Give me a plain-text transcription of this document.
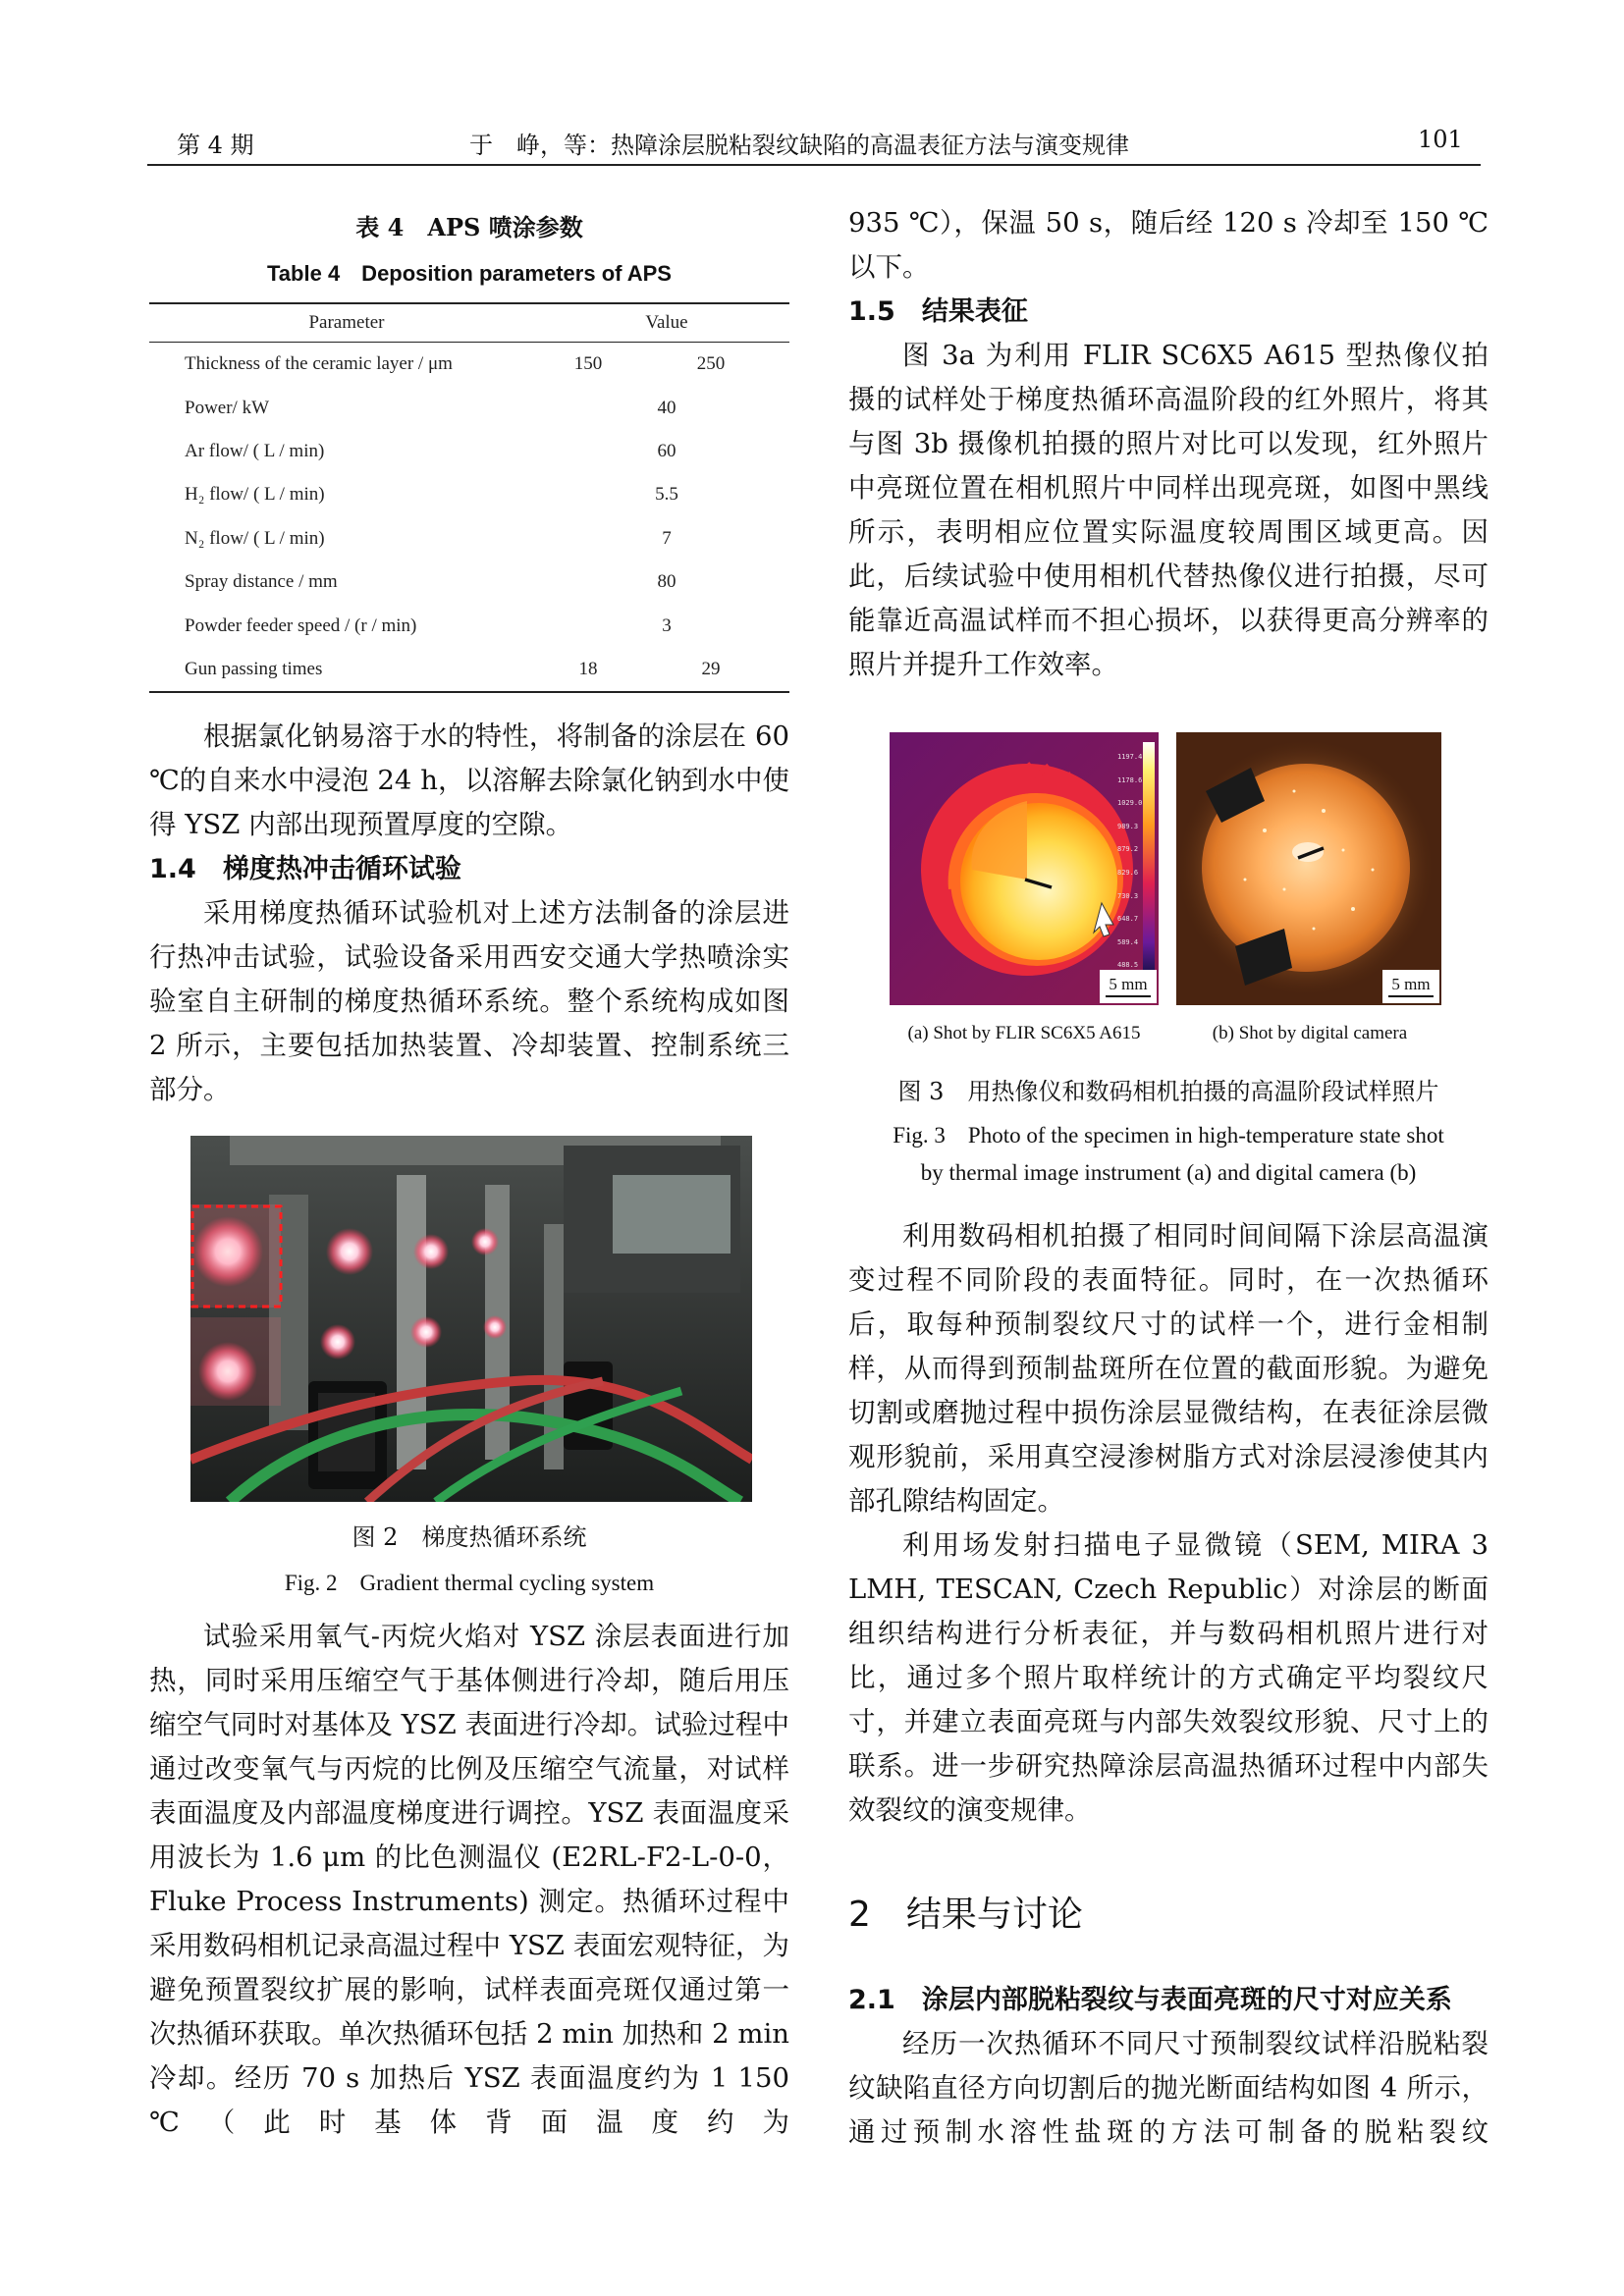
第 4 期	于　峥，等：热障涂层脱粘裂纹缺陷的高温表征方法与演变规律	101
表 4　APS 喷涂参数
Table 4　Deposition parameters of APS
Parameter	Value	
Thickness of the ceramic layer / μm	150	250
Power/ kW	40	
Ar flow/ ( L / min)	60	
H₂ flow/ ( L / min)	5.5	
N₂ flow/ ( L / min)	7	
Spray distance / mm	80	
Powder feeder speed / (r / min)	3	
Gun passing times	18	29

根据氯化钠易溶于水的特性，将制备的涂层在 60 ℃的自来水中浸泡 24 h，以溶解去除氯化钠到水中使得 YSZ 内部出现预置厚度的空隙。

1.4　梯度热冲击循环试验

采用梯度热循环试验机对上述方法制备的涂层进行热冲击试验，试验设备采用西安交通大学热喷涂实验室自主研制的梯度热循环系统。整个系统构成如图 2 所示，主要包括加热装置、冷却装置、控制系统三部分。

图 2　梯度热循环系统
Fig. 2　Gradient thermal cycling system

试验采用氧气-丙烷火焰对 YSZ 涂层表面进行加热，同时采用压缩空气于基体侧进行冷却，随后用压缩空气同时对基体及 YSZ 表面进行冷却。试验过程中通过改变氧气与丙烷的比例及压缩空气流量，对试样表面温度及内部温度梯度进行调控。YSZ 表面温度采用波长为 1.6 μm 的比色测温仪 (E2RL-F2-L-0-0，Fluke Process Instruments) 测定。热循环过程中采用数码相机记录高温过程中 YSZ 表面宏观特征，为避免预置裂纹扩展的影响，试样表面亮斑仅通过第一次热循环获取。单次热循环包括 2 min 加热和 2 min 冷却。经历 70 s 加热后 YSZ 表面温度约为 1 150 ℃（此时基体背面温度约为

935 ℃），保温 50 s，随后经 120 s 冷却至 150 ℃以下。

1.5　结果表征

图 3a 为利用 FLIR SC6X5 A615 型热像仪拍摄的试样处于梯度热循环高温阶段的红外照片，将其与图 3b 摄像机拍摄的照片对比可以发现，红外照片中亮斑位置在相机照片中同样出现亮斑，如图中黑线所示，表明相应位置实际温度较周围区域更高。因此，后续试验中使用相机代替热像仪进行拍摄，尽可能靠近高温试样而不担心损坏，以获得更高分辨率的照片并提升工作效率。

1197.4
1178.6
1029.0
989.3
879.2
829.6
730.3
648.7
589.4
488.5
5 mm	5 mm
(a) Shot by FLIR SC6X5 A615	(b) Shot by digital camera
图 3　用热像仪和数码相机拍摄的高温阶段试样照片
Fig. 3　Photo of the specimen in high-temperature state shot
by thermal image instrument (a) and digital camera (b)

利用数码相机拍摄了相同时间间隔下涂层高温演变过程不同阶段的表面特征。同时，在一次热循环后，取每种预制裂纹尺寸的试样一个，进行金相制样，从而得到预制盐斑所在位置的截面形貌。为避免切割或磨抛过程中损伤涂层显微结构，在表征涂层微观形貌前，采用真空浸渗树脂方式对涂层浸渗使其内部孔隙结构固定。

利用场发射扫描电子显微镜（SEM, MIRA 3 LMH, TESCAN, Czech Republic）对涂层的断面组织结构进行分析表征，并与数码相机照片进行对比，通过多个照片取样统计的方式确定平均裂纹尺寸，并建立表面亮斑与内部失效裂纹形貌、尺寸上的联系。进一步研究热障涂层高温热循环过程中内部失效裂纹的演变规律。

2　结果与讨论

2.1　涂层内部脱粘裂纹与表面亮斑的尺寸对应关系

经历一次热循环不同尺寸预制裂纹试样沿脱粘裂纹缺陷直径方向切割后的抛光断面结构如图 4 所示，通过预制水溶性盐斑的方法可制备的脱粘裂纹
